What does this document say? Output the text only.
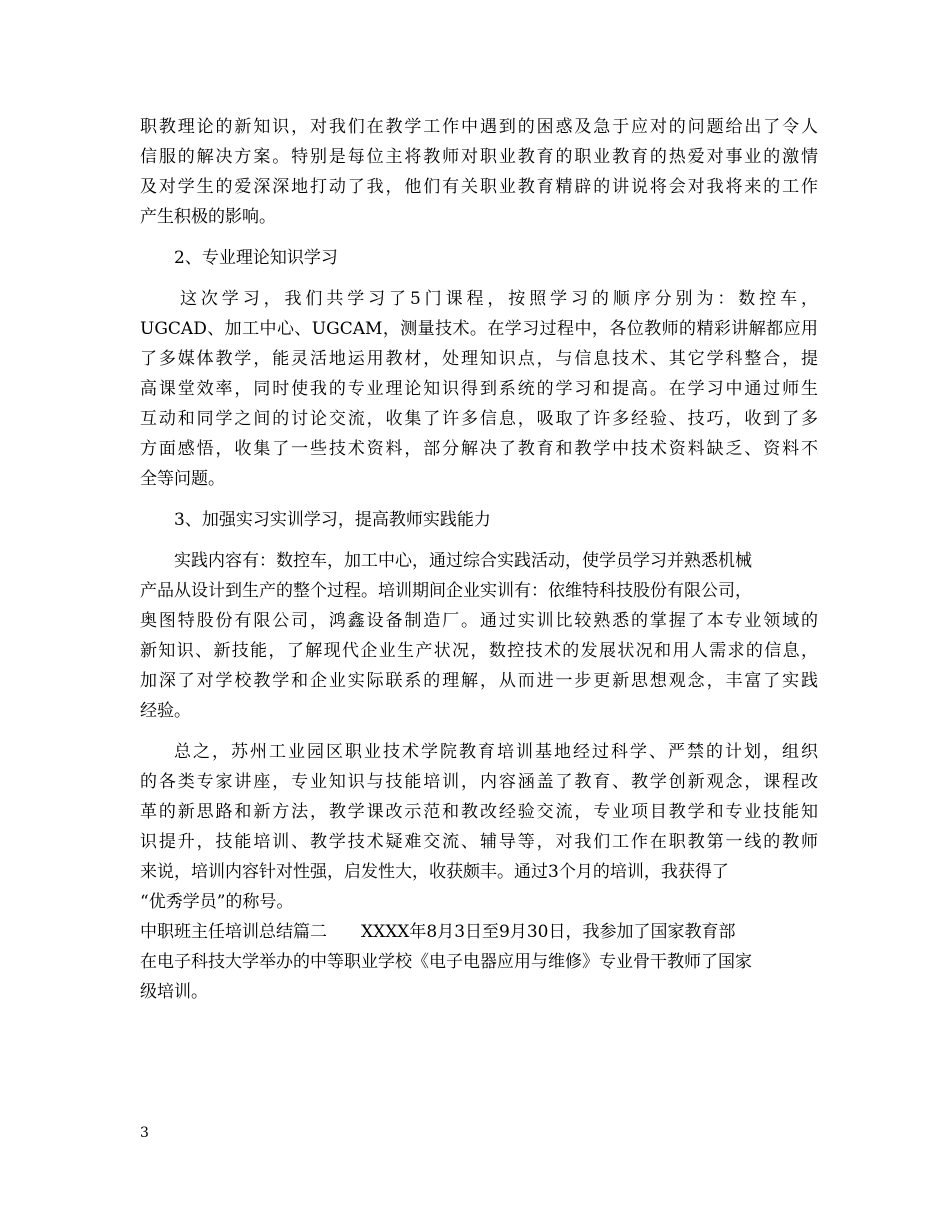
职教理论的新知识，对我们在教学工作中遇到的困惑及急于应对的问题给出了令人
信服的解决方案。特别是每位主将教师对职业教育的职业教育的热爱对事业的激情
及对学生的爱深深地打动了我，他们有关职业教育精辟的讲说将会对我将来的工作
产生积极的影响。
2、专业理论知识学习
这次学习，我们共学习了5门课程，按照学习的顺序分别为：数控车，
UGCAD、加工中心、UGCAM，测量技术。在学习过程中，各位教师的精彩讲解都应用
了多媒体教学，能灵活地运用教材，处理知识点，与信息技术、其它学科整合，提
高课堂效率，同时使我的专业理论知识得到系统的学习和提高。在学习中通过师生
互动和同学之间的讨论交流，收集了许多信息，吸取了许多经验、技巧，收到了多
方面感悟，收集了一些技术资料，部分解决了教育和教学中技术资料缺乏、资料不
全等问题。
3、加强实习实训学习，提高教师实践能力
实践内容有：数控车，加工中心，通过综合实践活动，使学员学习并熟悉机械
产品从设计到生产的整个过程。培训期间企业实训有：依维特科技股份有限公司，
奥图特股份有限公司，鸿鑫设备制造厂。通过实训比较熟悉的掌握了本专业领域的
新知识、新技能，了解现代企业生产状况，数控技术的发展状况和用人需求的信息，
加深了对学校教学和企业实际联系的理解，从而进一步更新思想观念，丰富了实践
经验。
总之，苏州工业园区职业技术学院教育培训基地经过科学、严禁的计划，组织
的各类专家讲座，专业知识与技能培训，内容涵盖了教育、教学创新观念，课程改
革的新思路和新方法，教学课改示范和教改经验交流，专业项目教学和专业技能知
识提升，技能培训、教学技术疑难交流、辅导等，对我们工作在职教第一线的教师
来说，培训内容针对性强，启发性大，收获颇丰。通过3个月的培训，我获得了
“优秀学员”的称号。
中职班主任培训总结篇二　　XXXX年8月3日至9月30日，我参加了国家教育部
在电子科技大学举办的中等职业学校《电子电器应用与维修》专业骨干教师了国家
级培训。
3
